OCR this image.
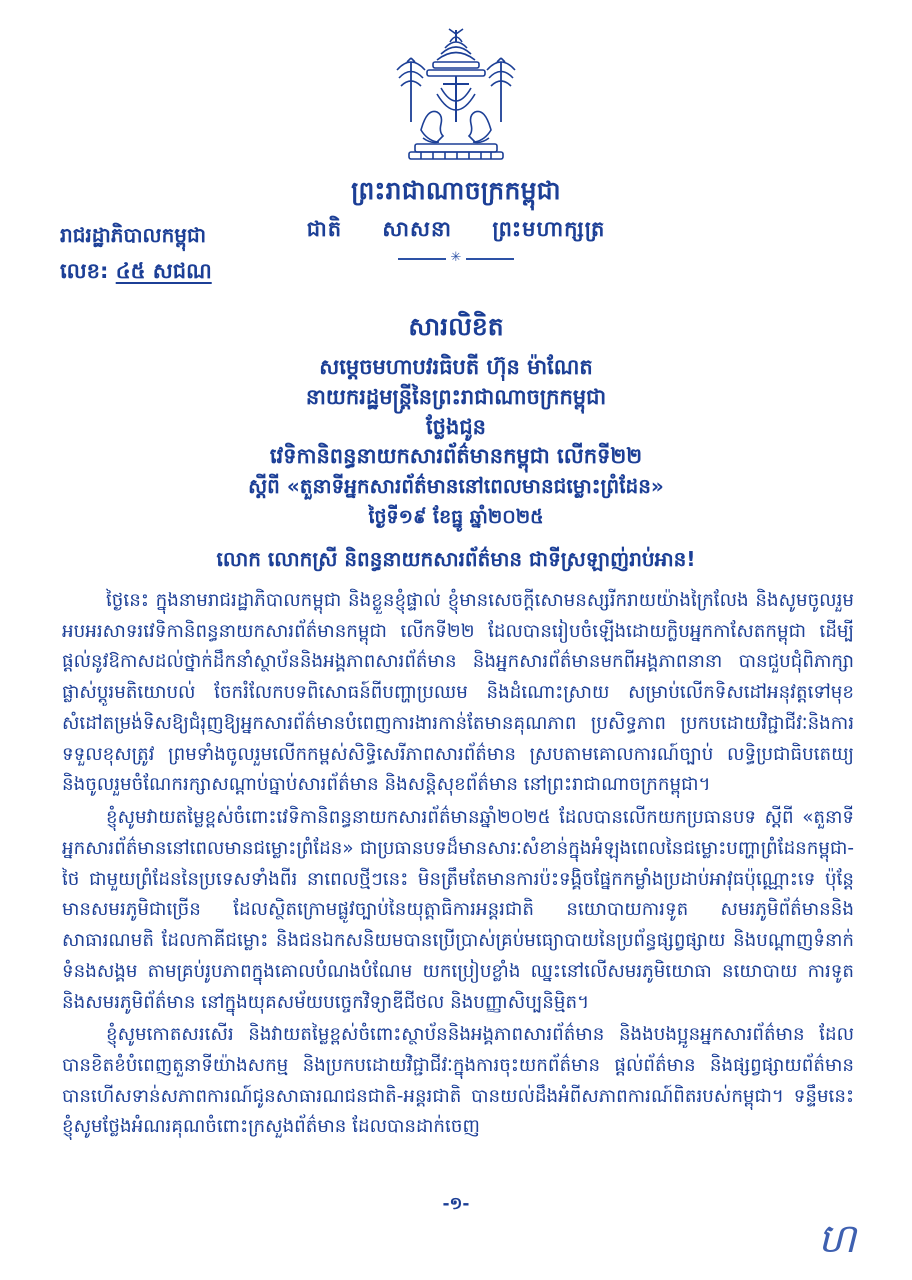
ព្រះរាជាណាចក្រកម្ពុជា
ជាតិ សាសនា ព្រះមហាក្សត្រ
✳
រាជរដ្ឋាភិបាលកម្ពុជា
លេខ: ៤៥ សជណ
សារលិខិត
សម្តេចមហាបវរធិបតី ហ៊ុន ម៉ាណែត
នាយករដ្ឋមន្ត្រីនៃព្រះរាជាណាចក្រកម្ពុជា
ថ្លែងជូន
វេទិកានិពន្ធនាយកសារព័ត៌មានកម្ពុជា លើកទី២២
ស្តីពី «តួនាទីអ្នកសារព័ត៌មាននៅពេលមានជម្លោះព្រំដែន»
ថ្ងៃទី១៩ ខែធ្នូ ឆ្នាំ២០២៥
លោក លោកស្រី និពន្ធនាយកសារព័ត៌មាន ជាទីស្រឡាញ់រាប់អាន!

ថ្ងៃនេះ ក្នុងនាមរាជរដ្ឋាភិបាលកម្ពុជា និងខ្លួនខ្ញុំផ្ទាល់ ខ្ញុំមានសេចក្តីសោមនស្សរីករាយយ៉ាងក្រៃលែង និងសូមចូលរួមអបអរសាទរវេទិកានិពន្ធនាយកសារព័ត៌មានកម្ពុជា លើកទី២២ ដែលបានរៀបចំឡើងដោយក្លិបអ្នកកាសែតកម្ពុជា ដើម្បីផ្តល់នូវឱកាសដល់ថ្នាក់ដឹកនាំស្ថាប័ននិងអង្គភាពសារព័ត៌មាន និងអ្នកសារព័ត៌មានមកពីអង្គភាពនានា បានជួបជុំពិភាក្សាផ្លាស់ប្តូរមតិយោបល់ ចែករំលែកបទពិសោធន៍ពីបញ្ហាប្រឈម និងដំណោះស្រាយ សម្រាប់លើកទិសដៅអនុវត្តទៅមុខ សំដៅតម្រង់ទិសឱ្យជំរុញឱ្យអ្នកសារព័ត៌មានបំពេញការងារកាន់តែមានគុណភាព ប្រសិទ្ធភាព ប្រកបដោយវិជ្ជាជីវៈនិងការទទួលខុសត្រូវ ព្រមទាំងចូលរួមលើកកម្ពស់សិទ្ធិសេរីភាពសារព័ត៌មាន ស្របតាមគោលការណ៍ច្បាប់ លទ្ធិប្រជាធិបតេយ្យ និងចូលរួមចំណែករក្សាសណ្តាប់ធ្នាប់សារព័ត៌មាន និងសន្តិសុខព័ត៌មាន នៅព្រះរាជាណាចក្រកម្ពុជា។

ខ្ញុំសូមវាយតម្លៃខ្ពស់ចំពោះវេទិកានិពន្ធនាយកសារព័ត៌មានឆ្នាំ២០២៥ ដែលបានលើកយកប្រធានបទ ស្តីពី «តួនាទីអ្នកសារព័ត៌មាននៅពេលមានជម្លោះព្រំដែន» ជាប្រធានបទដ៏មានសារៈសំខាន់ក្នុងអំឡុងពេលនៃជម្លោះបញ្ហាព្រំដែនកម្ពុជា-ថៃ ជាមួយព្រំដែននៃប្រទេសទាំងពីរ នាពេលថ្មីៗនេះ មិនត្រឹមតែមានការប៉ះទង្គិចផ្នែកកម្លាំងប្រដាប់អាវុធប៉ុណ្ណោះទេ ប៉ុន្តែមានសមរភូមិជាច្រើន ដែលស្ថិតក្រោមផ្លូវច្បាប់នៃយុត្តាធិការអន្តរជាតិ នយោបាយការទូត សមរភូមិព័ត៌មាននិងសាធារណមតិ ដែលកាគីជម្លោះ និងជនឯកសនិយមបានប្រើប្រាស់គ្រប់មធ្យោបាយនៃប្រព័ន្ធផ្សព្វផ្សាយ និងបណ្តាញទំនាក់ទំនងសង្គម តាមគ្រប់រូបភាពក្នុងគោលបំណងបំណែម យកប្រៀបខ្លាំង ឈ្នះនៅលើសមរភូមិយោធា នយោបាយ ការទូត និងសមរភូមិព័ត៌មាន នៅក្នុងយុគសម័យបច្ចេកវិទ្យាឌីជីថល និងបញ្ញាសិប្បនិម្មិត។

ខ្ញុំសូមកោតសរសើរ និងវាយតម្លៃខ្ពស់ចំពោះស្ថាប័ននិងអង្គភាពសារព័ត៌មាន និងងបងប្អូនអ្នកសារព័ត៌មាន ដែលបានខិតខំបំពេញតួនាទីយ៉ាងសកម្ម និងប្រកបដោយវិជ្ជាជីវៈក្នុងការចុះយកព័ត៌មាន ផ្តល់ព័ត៌មាន និងផ្សព្វផ្សាយព័ត៌មានបានហើសទាន់សភាពការណ៍ជូនសាធារណជនជាតិ-អន្តរជាតិ បានយល់ដឹងអំពីសភាពការណ៍ពិតរបស់កម្ពុជា។ ទន្ទឹមនេះ ខ្ញុំសូមថ្លែងអំណរគុណចំពោះក្រសួងព័ត៌មាន ដែលបានដាក់ចេញ

-១-
ហ
